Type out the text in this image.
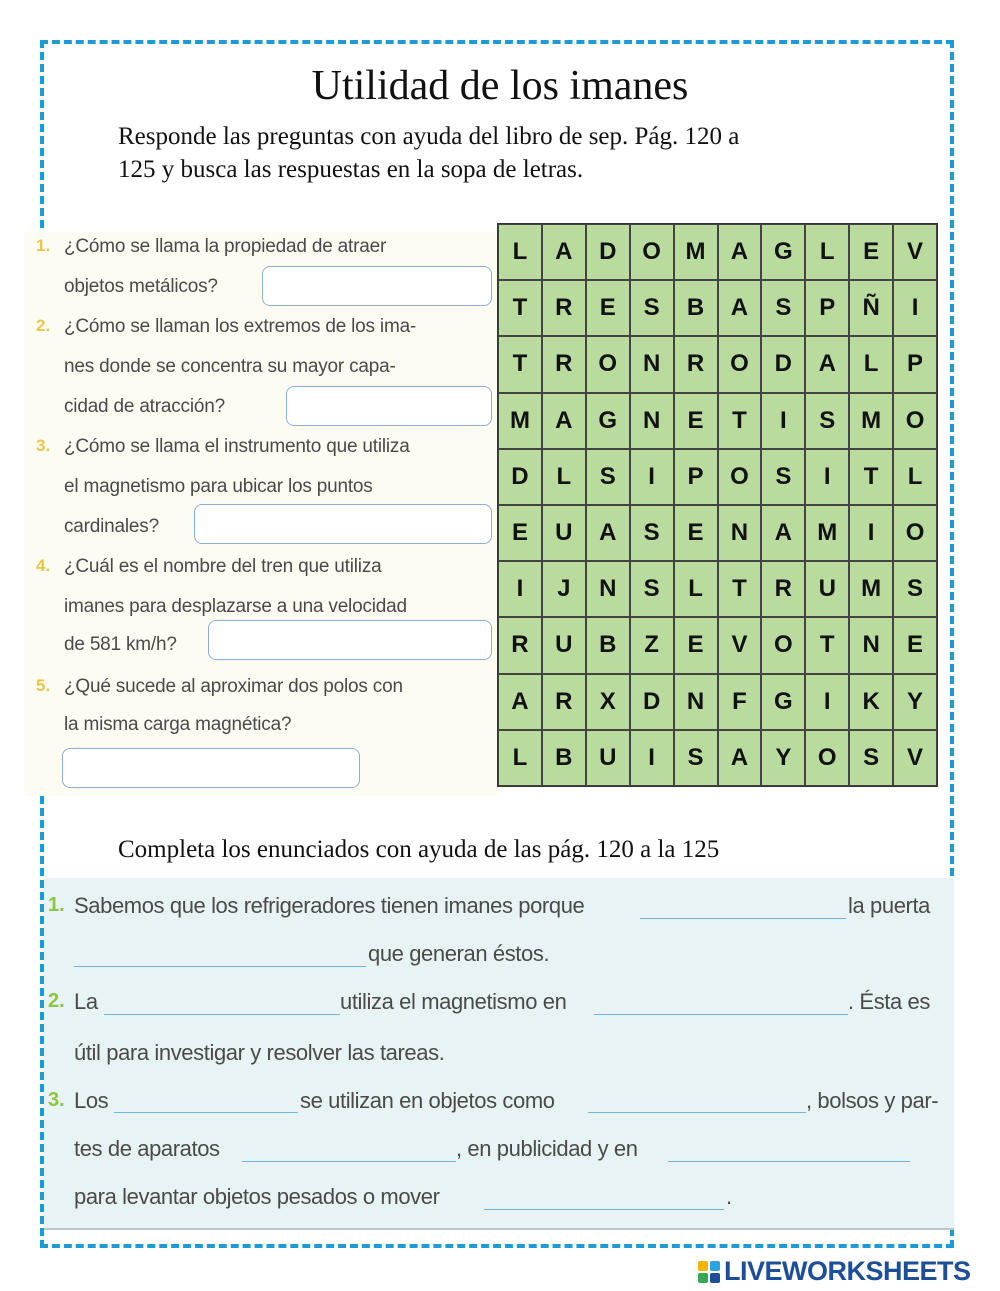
Utilidad de los imanes
Responde las preguntas con ayuda del libro de sep. Pág. 120 a
125 y busca las respuestas en la sopa de letras.
1. ¿Cómo se llama la propiedad de atraer
objetos metálicos?
2. ¿Cómo se llaman los extremos de los ima-
nes donde se concentra su mayor capa-
cidad de atracción?
3. ¿Cómo se llama el instrumento que utiliza
el magnetismo para ubicar los puntos
cardinales?
4. ¿Cuál es el nombre del tren que utiliza
imanes para desplazarse a una velocidad
de 581 km/h?
5. ¿Qué sucede al aproximar dos polos con
la misma carga magnética?
L	A	D	O	M	A	G	L	E	V
T	R	E	S	B	A	S	P	Ñ	I
T	R	O	N	R	O	D	A	L	P
M	A	G	N	E	T	I	S	M	O
D	L	S	I	P	O	S	I	T	L
E	U	A	S	E	N	A	M	I	O
I	J	N	S	L	T	R	U	M	S
R	U	B	Z	E	V	O	T	N	E
A	R	X	D	N	F	G	I	K	Y
L	B	U	I	S	A	Y	O	S	V
Completa los enunciados con ayuda de las pág. 120 a la 125
1. Sabemos que los refrigeradores tienen imanes porque	la puerta
que generan éstos.
2. La	utiliza el magnetismo en	. Ésta es
útil para investigar y resolver las tareas.
3. Los	se utilizan en objetos como	, bolsos y par-
tes de aparatos	, en publicidad y en
para levantar objetos pesados o mover	.
LIVEWORKSHEETS
